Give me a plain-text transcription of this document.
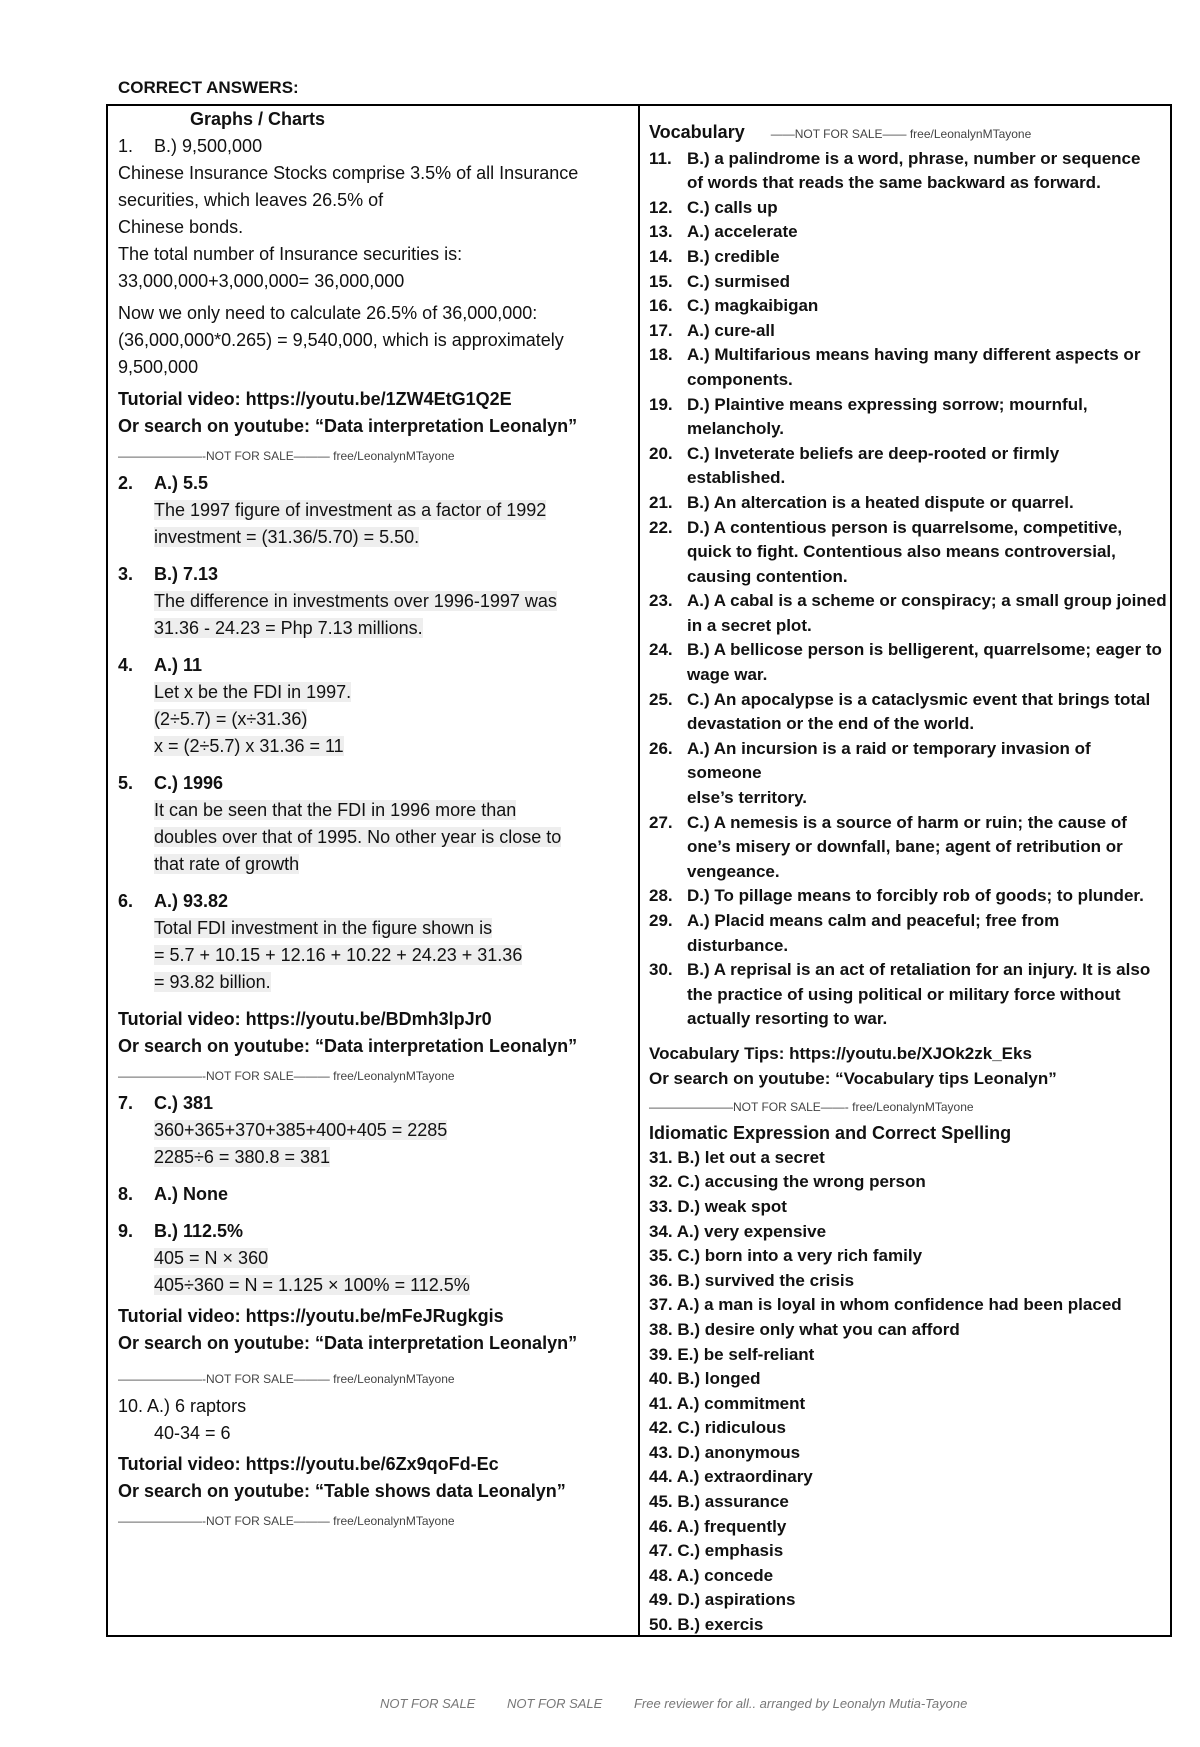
CORRECT ANSWERS:
Graphs / Charts
1. B.) 9,500,000
Chinese Insurance Stocks comprise 3.5% of all Insurance
securities, which leaves 26.5% of
Chinese bonds.
The total number of Insurance securities is:
33,000,000+3,000,000= 36,000,000
Now we only need to calculate 26.5% of 36,000,000:
(36,000,000*0.265) = 9,540,000, which is approximately
9,500,000
Tutorial video: https://youtu.be/1ZW4EtG1Q2E
Or search on youtube: “Data interpretation Leonalyn”
———————-NOT FOR SALE——— free/LeonalynMTayone
2. A.) 5.5
The 1997 figure of investment as a factor of 1992
investment = (31.36/5.70) = 5.50.
3. B.) 7.13
The difference in investments over 1996-1997 was
31.36 - 24.23 = Php 7.13 millions.
4. A.) 11
Let x be the FDI in 1997.
(2÷5.7) = (x÷31.36)
x = (2÷5.7) x 31.36 = 11
5. C.) 1996
It can be seen that the FDI in 1996 more than
doubles over that of 1995. No other year is close to
that rate of growth
6. A.) 93.82
Total FDI investment in the figure shown is
= 5.7 + 10.15 + 12.16 + 10.22 + 24.23 + 31.36
= 93.82 billion.
Tutorial video: https://youtu.be/BDmh3lpJr0
Or search on youtube: “Data interpretation Leonalyn”
———————-NOT FOR SALE——— free/LeonalynMTayone
7. C.) 381
360+365+370+385+400+405 = 2285
2285÷6 = 380.8 = 381
8. A.) None
9. B.) 112.5%
405 = N × 360
405÷360 = N = 1.125 × 100% = 112.5%
Tutorial video: https://youtu.be/mFeJRugkgis
Or search on youtube: “Data interpretation Leonalyn”
———————-NOT FOR SALE——— free/LeonalynMTayone
10. A.) 6 raptors
40-34 = 6
Tutorial video: https://youtu.be/6Zx9qoFd-Ec
Or search on youtube: “Table shows data Leonalyn”
———————-NOT FOR SALE——— free/LeonalynMTayone
Vocabulary ——NOT FOR SALE—— free/LeonalynMTayone
11. B.) a palindrome is a word, phrase, number or sequence
of words that reads the same backward as forward.
12. C.) calls up
13. A.) accelerate
14. B.) credible
15. C.) surmised
16. C.) magkaibigan
17. A.) cure-all
18. A.) Multifarious means having many different aspects or
components.
19. D.) Plaintive means expressing sorrow; mournful,
melancholy.
20. C.) Inveterate beliefs are deep-rooted or firmly
established.
21. B.) An altercation is a heated dispute or quarrel.
22. D.) A contentious person is quarrelsome, competitive,
quick to fight. Contentious also means controversial,
causing contention.
23. A.) A cabal is a scheme or conspiracy; a small group joined
in a secret plot.
24. B.) A bellicose person is belligerent, quarrelsome; eager to
wage war.
25. C.) An apocalypse is a cataclysmic event that brings total
devastation or the end of the world.
26. A.) An incursion is a raid or temporary invasion of someone
else’s territory.
27. C.) A nemesis is a source of harm or ruin; the cause of
one’s misery or downfall, bane; agent of retribution or
vengeance.
28. D.) To pillage means to forcibly rob of goods; to plunder.
29. A.) Placid means calm and peaceful; free from
disturbance.
30. B.) A reprisal is an act of retaliation for an injury. It is also
the practice of using political or military force without
actually resorting to war.
Vocabulary Tips: https://youtu.be/XJOk2zk_Eks
Or search on youtube: “Vocabulary tips Leonalyn”
———————NOT FOR SALE——- free/LeonalynMTayone
Idiomatic Expression and Correct Spelling
31. B.) let out a secret
32. C.) accusing the wrong person
33. D.) weak spot
34. A.) very expensive
35. C.) born into a very rich family
36. B.) survived the crisis
37. A.) a man is loyal in whom confidence had been placed
38. B.) desire only what you can afford
39. E.) be self-reliant
40. B.) longed
41. A.) commitment
42. C.) ridiculous
43. D.) anonymous
44. A.) extraordinary
45. B.) assurance
46. A.) frequently
47. C.) emphasis
48. A.) concede
49. D.) aspirations
50. B.) exercis
NOT FOR SALE NOT FOR SALE Free reviewer for all.. arranged by Leonalyn Mutia-Tayone
